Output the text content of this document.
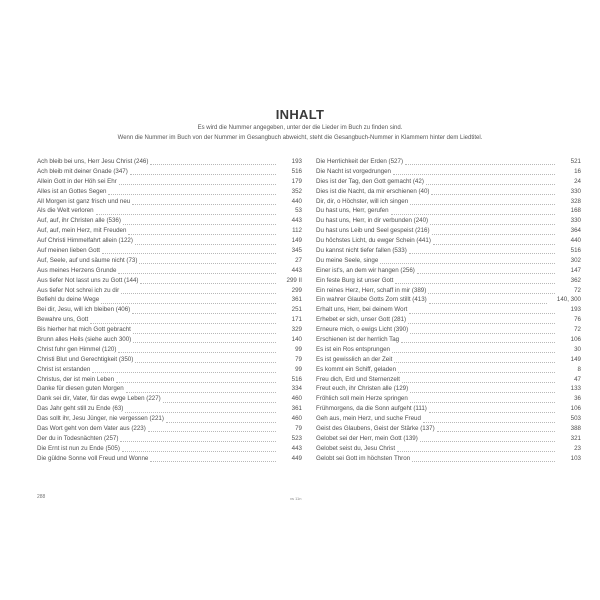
INHALT
Es wird die Nummer angegeben, unter der die Lieder im Buch zu finden sind.
Wenn die Nummer im Buch von der Nummer im Gesangbuch abweicht, steht die Gesangbuch-Nummer in Klammern hinter dem Liedtitel.
Ach bleib bei uns, Herr Jesu Christ (246)	193
Ach bleib mit deiner Gnade (347)	516
Allein Gott in der Höh sei Ehr	179
Alles ist an Gottes Segen	352
All Morgen ist ganz frisch und neu	440
Als die Welt verloren	53
Auf, auf, ihr Christen alle (536)	443
Auf, auf, mein Herz, mit Freuden	112
Auf Christi Himmelfahrt allein (122)	149
Auf meinen lieben Gott	345
Auf, Seele, auf und säume nicht (73)	27
Aus meines Herzens Grunde	443
Aus tiefer Not lasst uns zu Gott (144)	299 II
Aus tiefer Not schrei ich zu dir	299
Befiehl du deine Wege	361
Bei dir, Jesu, will ich bleiben (406)	251
Bewahre uns, Gott	171
Bis hierher hat mich Gott gebracht	329
Brunn alles Heils (siehe auch 300)	140
Christ fuhr gen Himmel (120)	99
Christi Blut und Gerechtigkeit (350)	79
Christ ist erstanden	99
Christus, der ist mein Leben	516
Danke für diesen guten Morgen	334
Dank sei dir, Vater, für das ewge Leben (227)	460
Das Jahr geht still zu Ende (63)	361
Das sollt ihr, Jesu Jünger, nie vergessen (221)	460
Das Wort geht von dem Vater aus (223)	79
Der du in Todesnächten (257)	523
Die Ernt ist nun zu Ende (505)	443
Die güldne Sonne voll Freud und Wonne	449
Die Herrlichkeit der Erden (527)	521
Die Nacht ist vorgedrungen	16
Dies ist der Tag, den Gott gemacht (42)	24
Dies ist die Nacht, da mir erschienen (40)	330
Dir, dir, o Höchster, will ich singen	328
Du hast uns, Herr, gerufen	168
Du hast uns, Herr, in dir verbunden (240)	330
Du hast uns Leib und Seel gespeist (216)	364
Du höchstes Licht, du ewger Schein (441)	440
Du kannst nicht tiefer fallen (533)	516
Du meine Seele, singe	302
Einer ist's, an dem wir hangen (256)	147
Ein feste Burg ist unser Gott	362
Ein reines Herz, Herr, schaff in mir (389)	72
Ein wahrer Glaube Gotts Zorn stillt (413)	140, 300
Erhalt uns, Herr, bei deinem Wort	193
Erhebet er sich, unser Gott (281)	76
Erneure mich, o ewigs Licht (390)	72
Erschienen ist der herrlich Tag	106
Es ist ein Ros entsprungen	30
Es ist gewisslich an der Zeit	149
Es kommt ein Schiff, geladen	8
Freu dich, Erd und Sternenzelt	47
Freut euch, ihr Christen alle (129)	133
Fröhlich soll mein Herze springen	36
Frühmorgens, da die Sonn aufgeht (111)	106
Geh aus, mein Herz, und suche Freud	503
Geist des Glaubens, Geist der Stärke (137)	388
Gelobet sei der Herr, mein Gott (139)	321
Gelobet seist du, Jesu Christ	23
Gelobt sei Gott im höchsten Thron	103
288	vs 11n
